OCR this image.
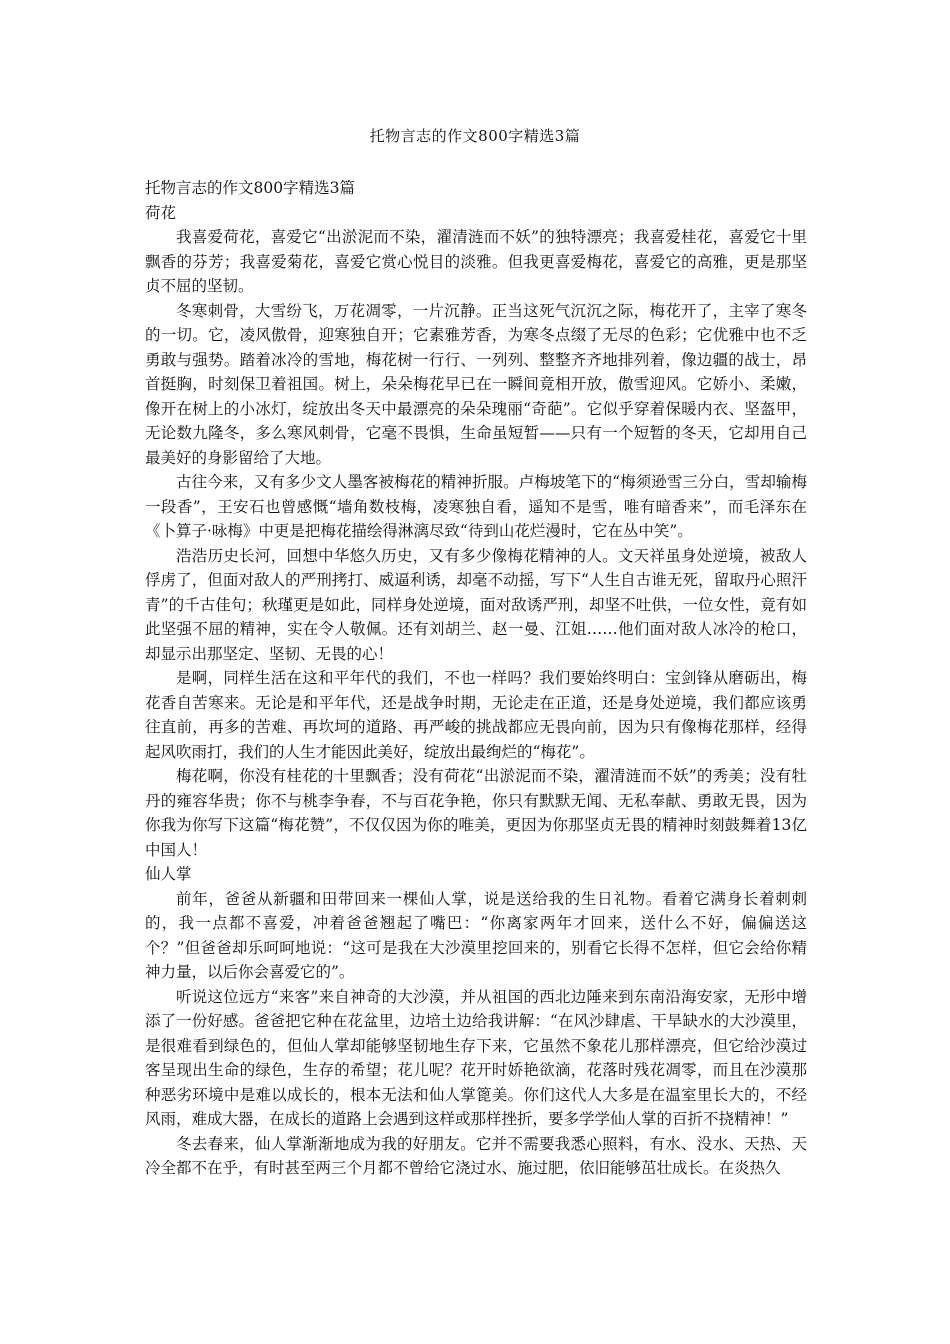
托物言志的作文800字精选3篇
托物言志的作文800字精选3篇
荷花

我喜爱荷花，喜爱它“出淤泥而不染，濯清涟而不妖”的独特漂亮；我喜爱桂花，喜爱它十里飘香的芬芳；我喜爱菊花，喜爱它赏心悦目的淡雅。但我更喜爱梅花，喜爱它的高雅，更是那坚贞不屈的坚韧。

冬寒刺骨，大雪纷飞，万花凋零，一片沉静。正当这死气沉沉之际，梅花开了，主宰了寒冬的一切。它，凌风傲骨，迎寒独自开；它素雅芳香，为寒冬点缀了无尽的色彩；它优雅中也不乏勇敢与强势。踏着冰冷的雪地，梅花树一行行、一列列、整整齐齐地排列着，像边疆的战士，昂首挺胸，时刻保卫着祖国。树上，朵朵梅花早已在一瞬间竟相开放，傲雪迎风。它娇小、柔嫩，像开在树上的小冰灯，绽放出冬天中最漂亮的朵朵瑰丽“奇葩”。它似乎穿着保暖内衣、坚盔甲，无论数九隆冬，多么寒风刺骨，它毫不畏惧，生命虽短暂——只有一个短暂的冬天，它却用自己最美好的身影留给了大地。

古往今来，又有多少文人墨客被梅花的精神折服。卢梅坡笔下的“梅须逊雪三分白，雪却输梅一段香”，王安石也曾感慨“墙角数枝梅，凌寒独自看，遥知不是雪，唯有暗香来”，而毛泽东在《卜算子·咏梅》中更是把梅花描绘得淋漓尽致“待到山花烂漫时，它在丛中笑”。

浩浩历史长河，回想中华悠久历史，又有多少像梅花精神的人。文天祥虽身处逆境，被敌人俘虏了，但面对敌人的严刑拷打、威逼利诱，却毫不动摇，写下“人生自古谁无死，留取丹心照汗青”的千古佳句；秋瑾更是如此，同样身处逆境，面对敌诱严刑，却坚不吐供，一位女性，竟有如此坚强不屈的精神，实在令人敬佩。还有刘胡兰、赵一曼、江姐……他们面对敌人冰冷的枪口，却显示出那坚定、坚韧、无畏的心！

是啊，同样生活在这和平年代的我们，不也一样吗？我们要始终明白：宝剑锋从磨砺出，梅花香自苦寒来。无论是和平年代，还是战争时期，无论走在正道，还是身处逆境，我们都应该勇往直前，再多的苦难、再坎坷的道路、再严峻的挑战都应无畏向前，因为只有像梅花那样，经得起风吹雨打，我们的人生才能因此美好，绽放出最绚烂的“梅花”。

梅花啊，你没有桂花的十里飘香；没有荷花“出淤泥而不染，濯清涟而不妖”的秀美；没有牡丹的雍容华贵；你不与桃李争春，不与百花争艳，你只有默默无闻、无私奉献、勇敢无畏，因为你我为你写下这篇“梅花赞”，不仅仅因为你的唯美，更因为你那坚贞无畏的精神时刻鼓舞着13亿中国人！

仙人掌

前年，爸爸从新疆和田带回来一棵仙人掌，说是送给我的生日礼物。看着它满身长着刺刺的，我一点都不喜爱，冲着爸爸翘起了嘴巴：“你离家两年才回来，送什么不好，偏偏送这个？”但爸爸却乐呵呵地说：“这可是我在大沙漠里挖回来的，别看它长得不怎样，但它会给你精神力量，以后你会喜爱它的”。

听说这位远方“来客”来自神奇的大沙漠，并从祖国的西北边陲来到东南沿海安家，无形中增添了一份好感。爸爸把它种在花盆里，边培土边给我讲解：“在风沙肆虐、干旱缺水的大沙漠里，是很难看到绿色的，但仙人掌却能够坚韧地生存下来，它虽然不象花儿那样漂亮，但它给沙漠过客呈现出生命的绿色，生存的希望；花儿呢？花开时娇艳欲滴，花落时残花凋零，而且在沙漠那种恶劣环境中是难以成长的，根本无法和仙人掌篦美。你们这代人大多是在温室里长大的，不经风雨，难成大器，在成长的道路上会遇到这样或那样挫折，要多学学仙人掌的百折不挠精神！”

冬去春来，仙人掌渐渐地成为我的好朋友。它并不需要我悉心照料，有水、没水、天热、天冷全都不在乎，有时甚至两三个月都不曾给它浇过水、施过肥，依旧能够茁壮成长。在炎热久
